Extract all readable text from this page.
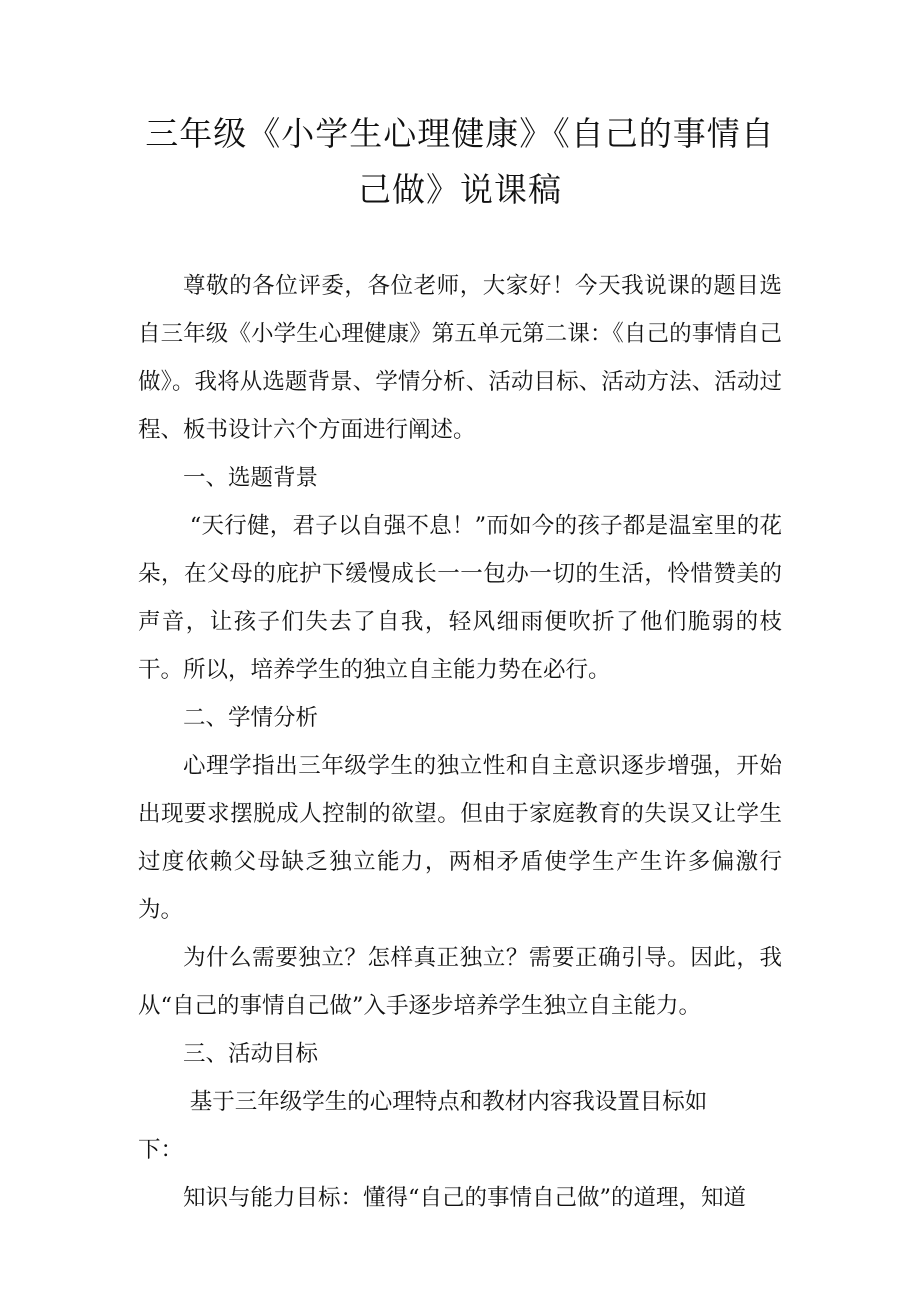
三年级《小学生心理健康》《自己的事情自
己做》说课稿

尊敬的各位评委，各位老师，大家好！今天我说课的题目选自三年级《小学生心理健康》第五单元第二课：《自己的事情自己做》。我将从选题背景、学情分析、活动目标、活动方法、活动过程、板书设计六个方面进行阐述。

一、选题背景

“天行健，君子以自强不息！”而如今的孩子都是温室里的花朵，在父母的庇护下缓慢成长一一包办一切的生活，怜惜赞美的声音，让孩子们失去了自我，轻风细雨便吹折了他们脆弱的枝干。所以，培养学生的独立自主能力势在必行。

二、学情分析

心理学指出三年级学生的独立性和自主意识逐步增强，开始出现要求摆脱成人控制的欲望。但由于家庭教育的失误又让学生过度依赖父母缺乏独立能力，两相矛盾使学生产生许多偏激行为。

为什么需要独立？怎样真正独立？需要正确引导。因此，我从“自己的事情自己做”入手逐步培养学生独立自主能力。

三、活动目标

基于三年级学生的心理特点和教材内容我设置目标如

下：

知识与能力目标：懂得“自己的事情自己做”的道理，知道
